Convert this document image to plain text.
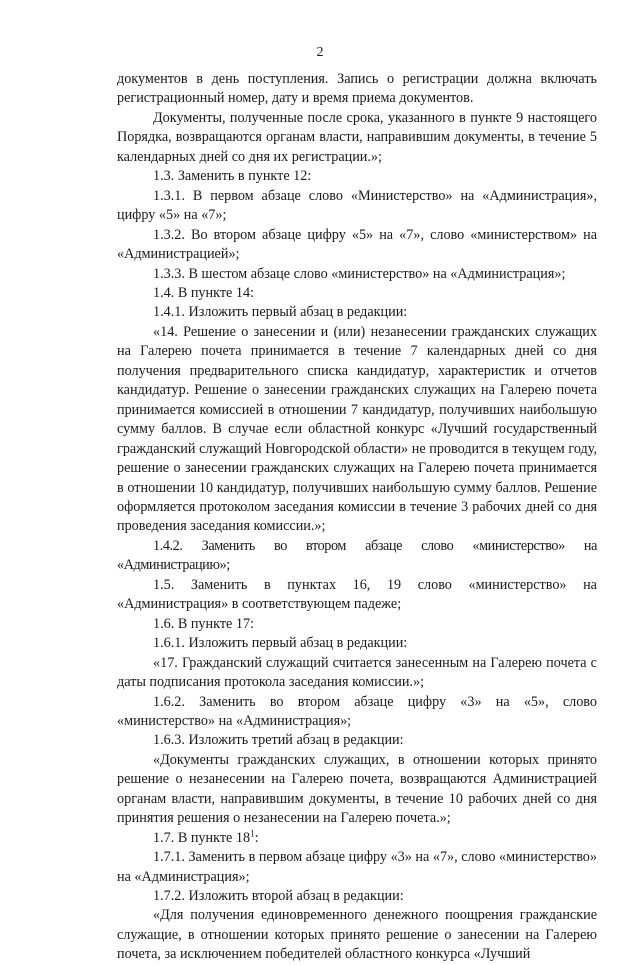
2

документов в день поступления. Запись о регистрации должна включать регистрационный номер, дату и время приема документов.

Документы, полученные после срока, указанного в пункте 9 настоящего Порядка, возвращаются органам власти, направившим документы, в течение 5 календарных дней со дня их регистрации.»;

1.3. Заменить в пункте 12:

1.3.1. В первом абзаце слово «Министерство» на «Администрация», цифру «5» на «7»;

1.3.2. Во втором абзаце цифру «5» на «7», слово «министерством» на «Администрацией»;

1.3.3. В шестом абзаце слово «министерство» на «Администрация»;

1.4. В пункте 14:

1.4.1. Изложить первый абзац в редакции:

«14. Решение о занесении и (или) незанесении гражданских служащих на Галерею почета принимается в течение 7 календарных дней со дня получения предварительного списка кандидатур, характеристик и отчетов кандидатур. Решение о занесении гражданских служащих на Галерею почета принимается комиссией в отношении 7 кандидатур, получивших наибольшую сумму баллов. В случае если областной конкурс «Лучший государственный гражданский служащий Новгородской области» не проводится в текущем году, решение о занесении гражданских служащих на Галерею почета принимается в отношении 10 кандидатур, получивших наибольшую сумму баллов. Решение оформляется протоколом заседания комиссии в течение 3 рабочих дней со дня проведения заседания комиссии.»;

1.4.2. Заменить во втором абзаце слово «министерство» на «Администрацию»;

1.5. Заменить в пунктах 16, 19 слово «министерство» на «Администрация» в соответствующем падеже;

1.6. В пункте 17:

1.6.1. Изложить первый абзац в редакции:

«17. Гражданский служащий считается занесенным на Галерею почета с даты подписания протокола заседания комиссии.»;

1.6.2. Заменить во втором абзаце цифру «3» на «5», слово «министерство» на «Администрация»;

1.6.3. Изложить третий абзац в редакции:

«Документы гражданских служащих, в отношении которых принято решение о незанесении на Галерею почета, возвращаются Администрацией органам власти, направившим документы, в течение 10 рабочих дней со дня принятия решения о незанесении на Галерею почета.»;

1.7. В пункте $18^1$:

1.7.1. Заменить в первом абзаце цифру «3» на «7», слово «министерство» на «Администрация»;

1.7.2. Изложить второй абзац в редакции:

«Для получения единовременного денежного поощрения гражданские служащие, в отношении которых принято решение о занесении на Галерею почета, за исключением победителей областного конкурса «Лучший
